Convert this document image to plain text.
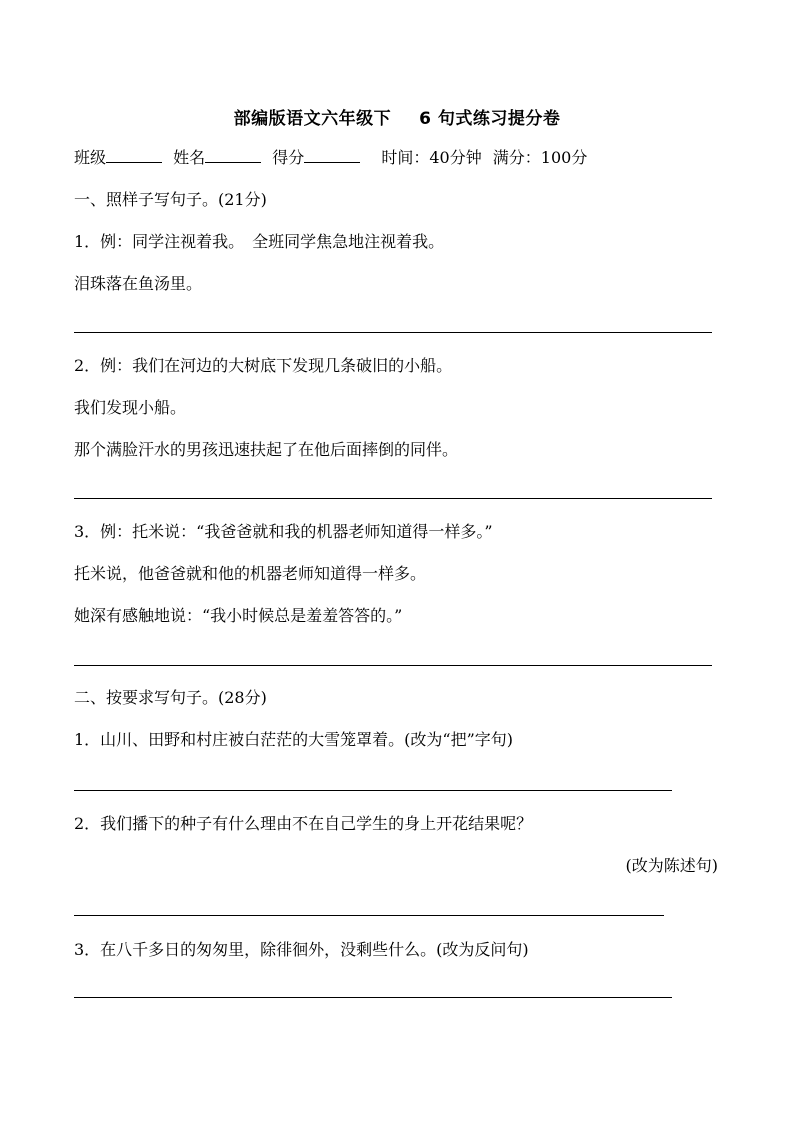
部编版语文六年级下 6 句式练习提分卷
班级	姓名	得分	时间：40分钟 满分：100分
一、照样子写句子。(21分)
1．例：同学注视着我。　全班同学焦急地注视着我。
泪珠落在鱼汤里。
2．例：我们在河边的大树底下发现几条破旧的小船。
我们发现小船。
那个满脸汗水的男孩迅速扶起了在他后面摔倒的同伴。
3．例：托米说：“我爸爸就和我的机器老师知道得一样多。”
托米说，他爸爸就和他的机器老师知道得一样多。
她深有感触地说：“我小时候总是羞羞答答的。”
二、按要求写句子。(28分)
1．山川、田野和村庄被白茫茫的大雪笼罩着。(改为“把”字句)
2．我们播下的种子有什么理由不在自己学生的身上开花结果呢？
(改为陈述句)
3．在八千多日的匆匆里，除徘徊外，没剩些什么。(改为反问句)
